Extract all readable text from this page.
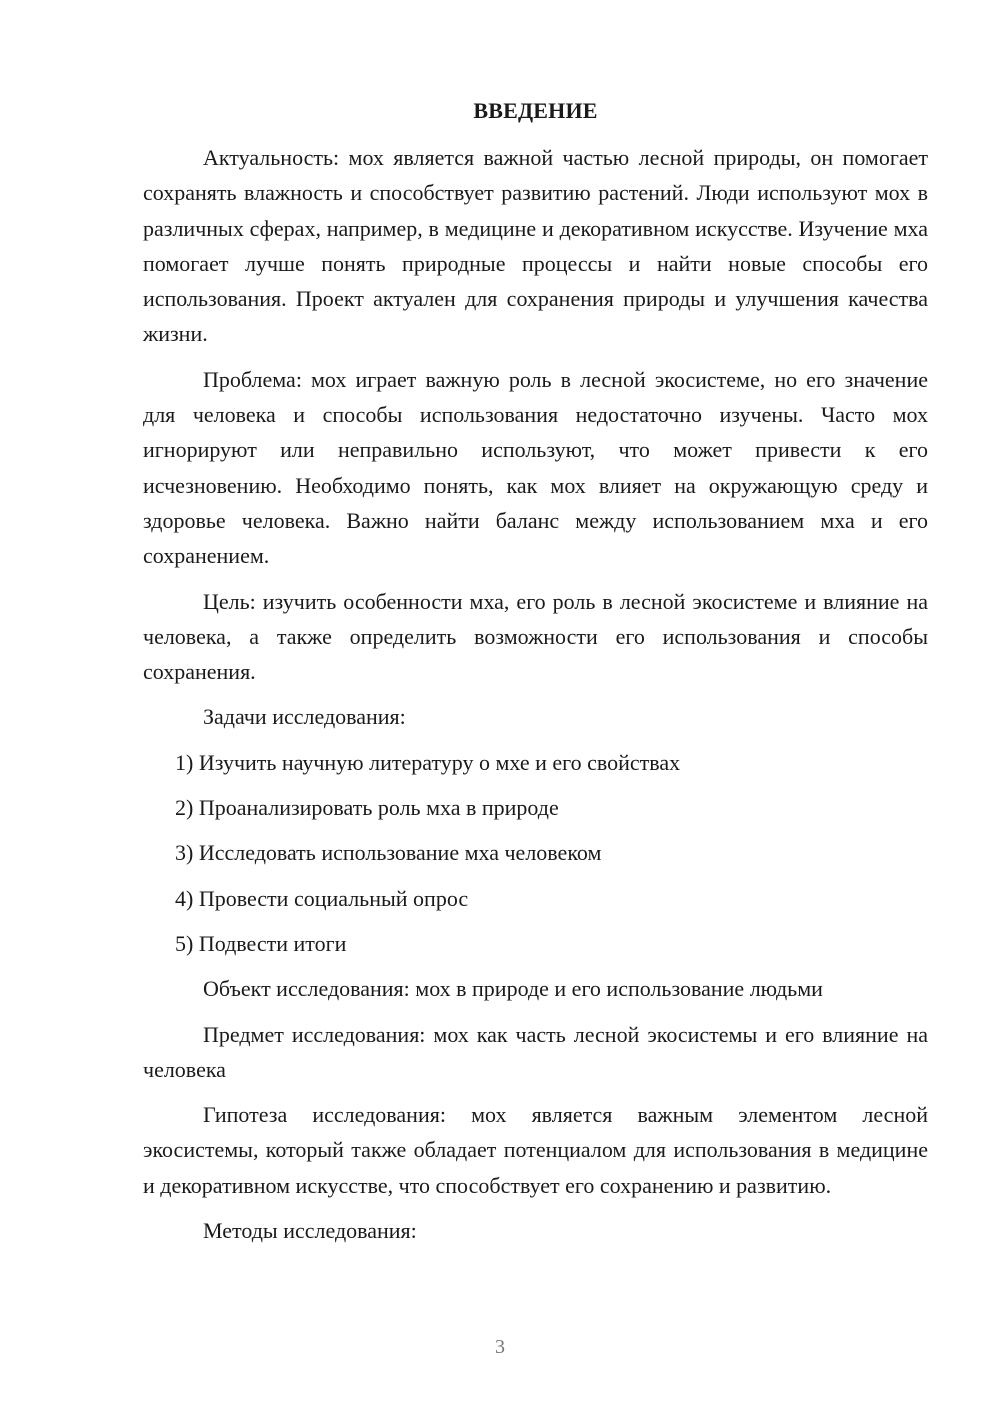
ВВЕДЕНИЕ

Актуальность: мох является важной частью лесной природы, он помогает сохранять влажность и способствует развитию растений. Люди используют мох в различных сферах, например, в медицине и декоративном искусстве. Изучение мха помогает лучше понять природные процессы и найти новые способы его использования. Проект актуален для сохранения природы и улучшения качества жизни.

Проблема: мох играет важную роль в лесной экосистеме, но его значение для человека и способы использования недостаточно изучены. Часто мох игнорируют или неправильно используют, что может привести к его исчезновению. Необходимо понять, как мох влияет на окружающую среду и здоровье человека. Важно найти баланс между использованием мха и его сохранением.

Цель: изучить особенности мха, его роль в лесной экосистеме и влияние на человека, а также определить возможности его использования и способы сохранения.

Задачи исследования:

1) Изучить научную литературу о мхе и его свойствах
2) Проанализировать роль мха в природе
3) Исследовать использование мха человеком
4) Провести социальный опрос
5) Подвести итоги

Объект исследования: мох в природе и его использование людьми

Предмет исследования: мох как часть лесной экосистемы и его влияние на человека

Гипотеза исследования: мох является важным элементом лесной экосистемы, который также обладает потенциалом для использования в медицине и декоративном искусстве, что способствует его сохранению и развитию.

Методы исследования:

3
